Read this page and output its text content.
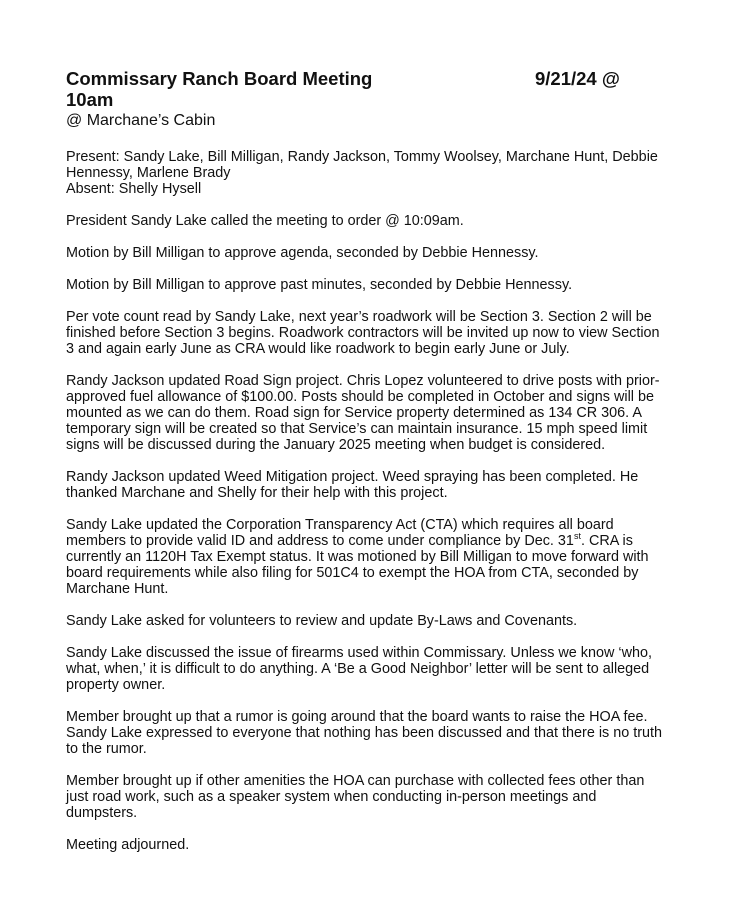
Commissary Ranch Board Meeting	9/21/24 @
10am
@ Marchane’s Cabin

Present: Sandy Lake, Bill Milligan, Randy Jackson, Tommy Woolsey, Marchane Hunt, Debbie Hennessy, Marlene Brady

Absent: Shelly Hysell

President Sandy Lake called the meeting to order @ 10:09am.

Motion by Bill Milligan to approve agenda, seconded by Debbie Hennessy.

Motion by Bill Milligan to approve past minutes, seconded by Debbie Hennessy.

Per vote count read by Sandy Lake, next year’s roadwork will be Section 3. Section 2 will be finished before Section 3 begins. Roadwork contractors will be invited up now to view Section 3 and again early June as CRA would like roadwork to begin early June or July.

Randy Jackson updated Road Sign project. Chris Lopez volunteered to drive posts with prior-approved fuel allowance of $100.00. Posts should be completed in October and signs will be mounted as we can do them. Road sign for Service property determined as 134 CR 306. A temporary sign will be created so that Service’s can maintain insurance. 15 mph speed limit signs will be discussed during the January 2025 meeting when budget is considered.

Randy Jackson updated Weed Mitigation project. Weed spraying has been completed. He thanked Marchane and Shelly for their help with this project.

Sandy Lake updated the Corporation Transparency Act (CTA) which requires all board members to provide valid ID and address to come under compliance by Dec. 31st. CRA is currently an 1120H Tax Exempt status. It was motioned by Bill Milligan to move forward with board requirements while also filing for 501C4 to exempt the HOA from CTA, seconded by Marchane Hunt.

Sandy Lake asked for volunteers to review and update By-Laws and Covenants.

Sandy Lake discussed the issue of firearms used within Commissary. Unless we know ‘who, what, when,’ it is difficult to do anything. A ‘Be a Good Neighbor’ letter will be sent to alleged property owner.

Member brought up that a rumor is going around that the board wants to raise the HOA fee. Sandy Lake expressed to everyone that nothing has been discussed and that there is no truth to the rumor.

Member brought up if other amenities the HOA can purchase with collected fees other than just road work, such as a speaker system when conducting in-person meetings and dumpsters.

Meeting adjourned.
